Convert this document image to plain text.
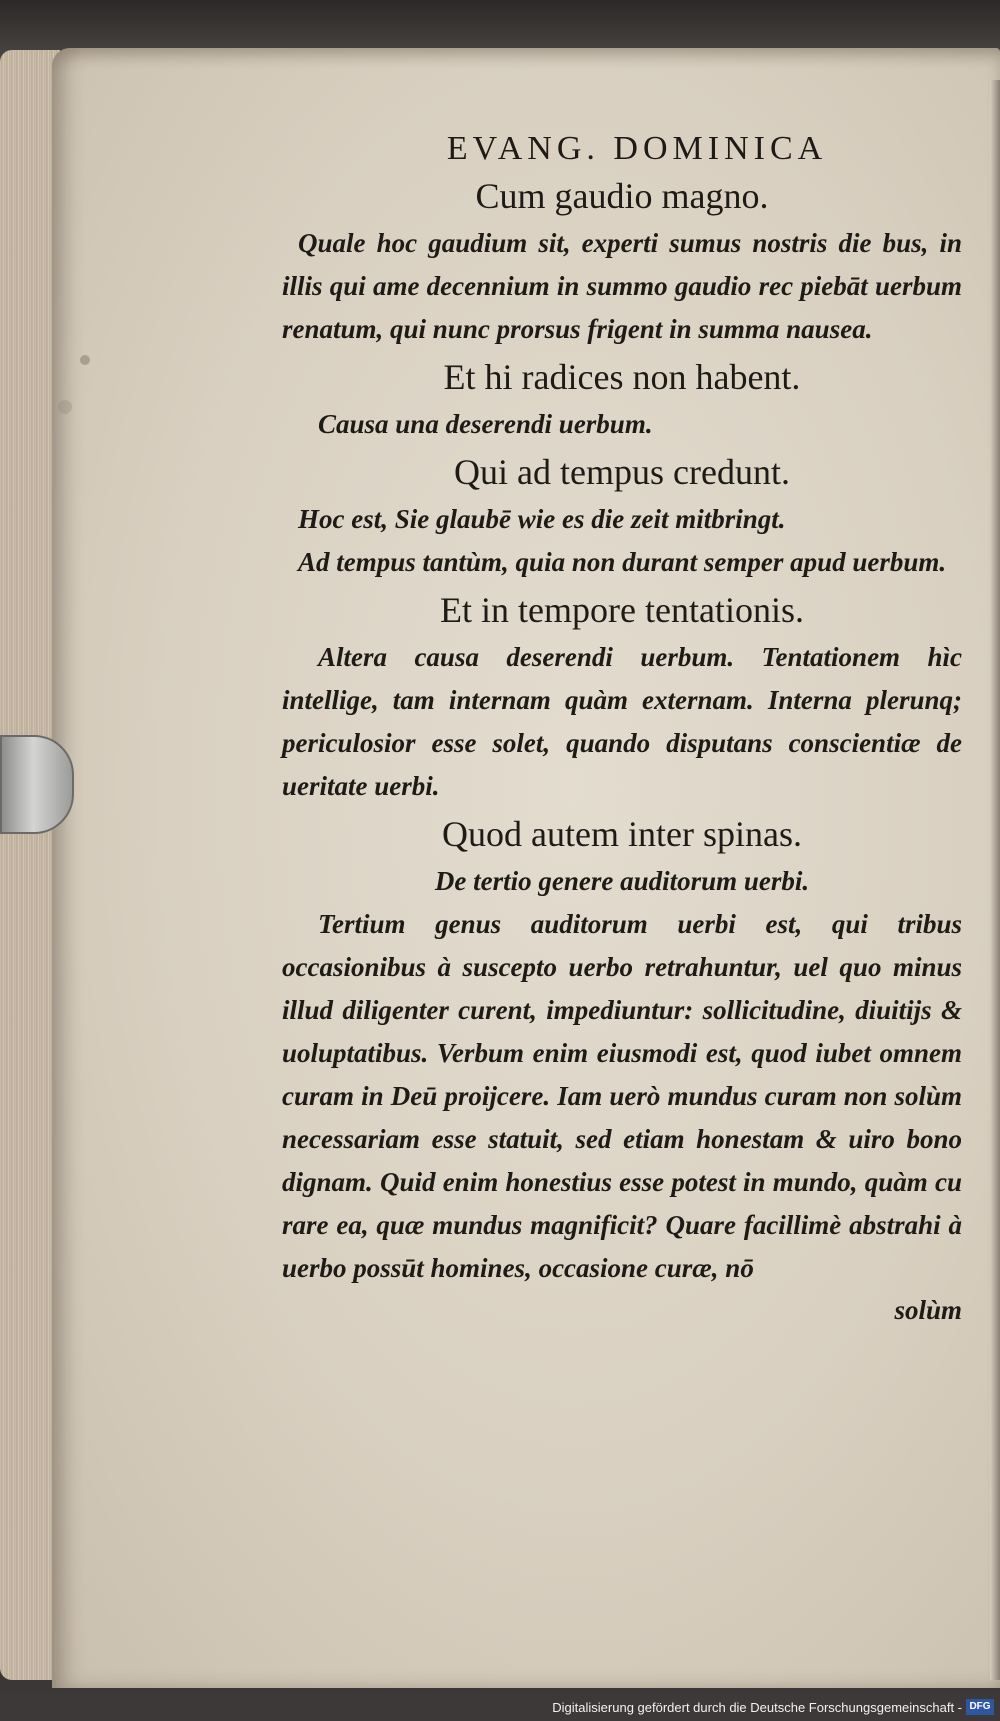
EVANG. DOMINICA
Cum gaudio magno.
Quale hoc gaudium sit, experti sumus nostris die bus, in illis qui ame decennium in summo gaudio rec piebāt uerbum renatum, qui nunc prorsus frigent in summa nausea.
Et hi radices non habent.
Causa una deserendi uerbum.
Qui ad tempus credunt.
Hoc est, Sie glaubē wie es die zeit mitbringt.
Ad tempus tantùm, quia non durant semper apud uerbum.
Et in tempore tentationis.
Altera causa deserendi uerbum. Tentationem hìc intellige, tam internam quàm externam. Interna plerunq; periculosior esse solet, quando disputans conscientiæ de ueritate uerbi.
Quod autem inter spinas.
De tertio genere auditorum uerbi.
Tertium genus auditorum uerbi est, qui tribus occasionibus à suscepto uerbo retrahuntur, uel quo minus illud diligenter curent, impediuntur: sollicitudine, diuitijs & uoluptatibus. Verbum enim eiusmodi est, quod iubet omnem curam in Deū proijcere. Iam uerò mundus curam non solùm necessariam esse statuit, sed etiam honestam & uiro bono dignam. Quid enim honestius esse potest in mundo, quàm cu rare ea, quæ mundus magnificit? Quare facillimè abstrahi à uerbo possūt homines, occasione curæ, nō
solùm
Digitalisierung gefördert durch die Deutsche Forschungsgemeinschaft - DFG
